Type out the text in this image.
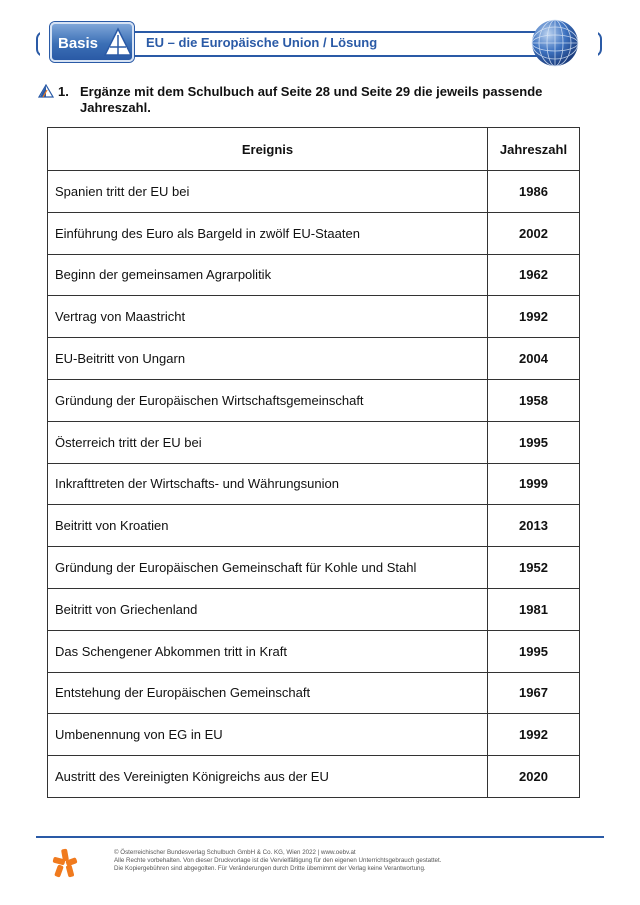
Basis	EU – die Europäische Union / Lösung
1. Ergänze mit dem Schulbuch auf Seite 28 und Seite 29 die jeweils passende Jahreszahl.
Ereignis	Jahreszahl
Spanien tritt der EU bei	1986
Einführung des Euro als Bargeld in zwölf EU-Staaten	2002
Beginn der gemeinsamen Agrarpolitik	1962
Vertrag von Maastricht	1992
EU-Beitritt von Ungarn	2004
Gründung der Europäischen Wirtschaftsgemeinschaft	1958
Österreich tritt der EU bei	1995
Inkrafttreten der Wirtschafts- und Währungsunion	1999
Beitritt von Kroatien	2013
Gründung der Europäischen Gemeinschaft für Kohle und Stahl	1952
Beitritt von Griechenland	1981
Das Schengener Abkommen tritt in Kraft	1995
Entstehung der Europäischen Gemeinschaft	1967
Umbenennung von EG in EU	1992
Austritt des Vereinigten Königreichs aus der EU	2020
© Österreichischer Bundesverlag Schulbuch GmbH & Co. KG, Wien 2022 | www.oebv.at
Alle Rechte vorbehalten. Von dieser Druckvorlage ist die Vervielfältigung für den eigenen Unterrichtsgebrauch gestattet.
Die Kopiergebühren sind abgegolten. Für Veränderungen durch Dritte übernimmt der Verlag keine Verantwortung.
